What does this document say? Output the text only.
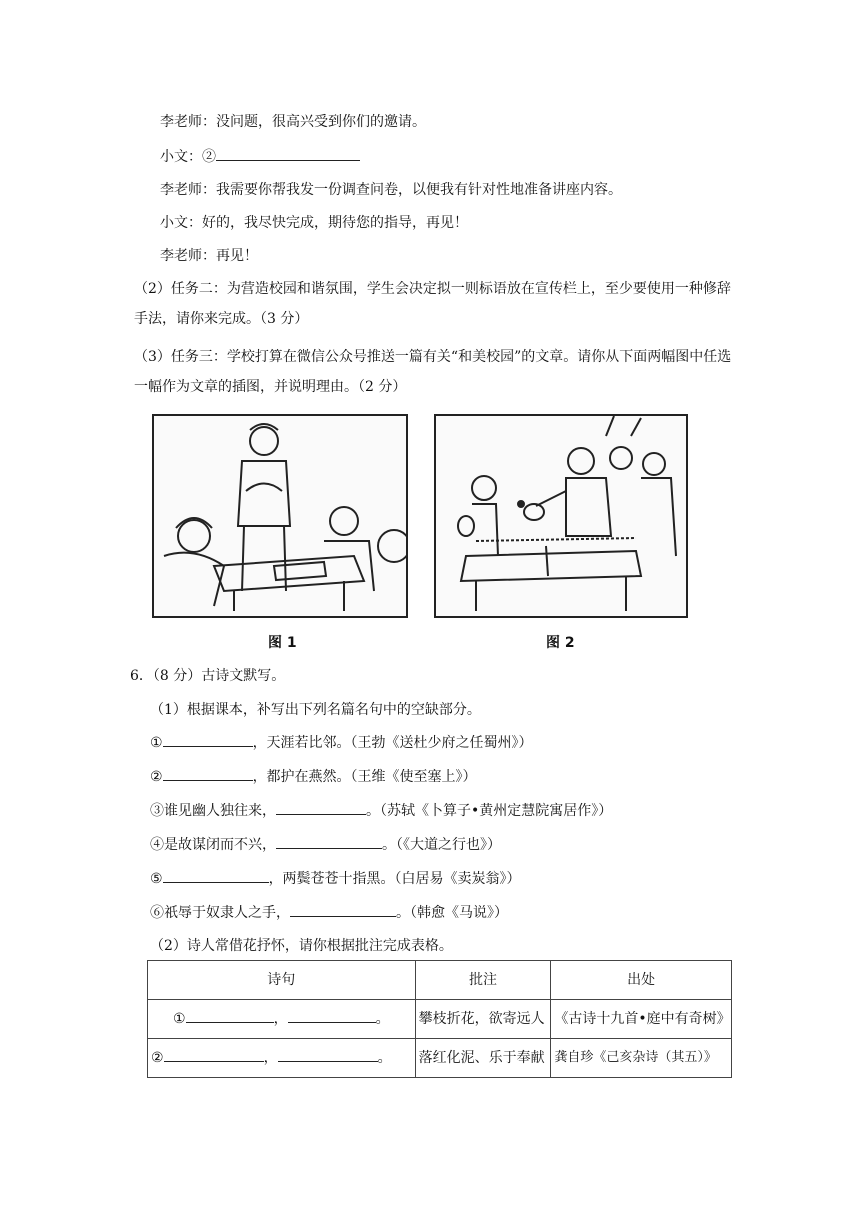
李老师：没问题，很高兴受到你们的邀请。
小文：②
李老师：我需要你帮我发一份调查问卷，以便我有针对性地准备讲座内容。
小文：好的，我尽快完成，期待您的指导，再见！
李老师：再见！
（2）任务二：为营造校园和谐氛围，学生会决定拟一则标语放在宣传栏上，至少要使用一种修辞手法，请你来完成。（3 分）
（3）任务三：学校打算在微信公众号推送一篇有关“和美校园”的文章。请你从下面两幅图中任选一幅作为文章的插图，并说明理由。（2 分）
图 1	图 2
6．（8 分）古诗文默写。
（1）根据课本，补写出下列名篇名句中的空缺部分。
①	，天涯若比邻。（王勃《送杜少府之任蜀州》）
②	，都护在燕然。（王维《使至塞上》）
③谁见幽人独往来，	。（苏轼《卜算子•黄州定慧院寓居作》）
④是故谋闭而不兴，	。（《大道之行也》）
⑤	，两鬓苍苍十指黑。（白居易《卖炭翁》）
⑥祇辱于奴隶人之手，	。（韩愈《马说》）
（2）诗人常借花抒怀，请你根据批注完成表格。
诗句	批注	出处
① ， 。	攀枝折花，欲寄远人	《古诗十九首•庭中有奇树》
② ， 。	落红化泥、乐于奉献	龚自珍《己亥杂诗（其五）》
